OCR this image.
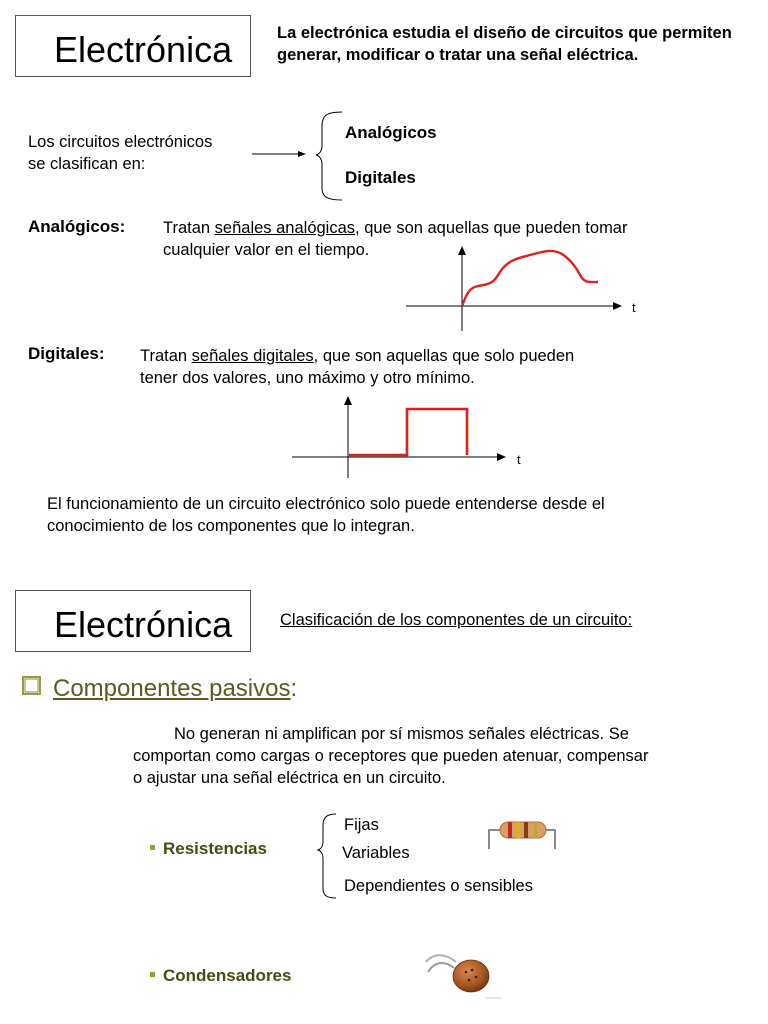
Electrónica	La electrónica estudia el diseño de circuitos que permiten generar, modificar o tratar una señal eléctrica.
Los circuitos electrónicos
se clasifican en:
Analógicos
Digitales
Analógicos: Tratan señales analógicas, que son aquellas que pueden tomar
cualquier valor en el tiempo.
t
Digitales: Tratan señales digitales, que son aquellas que solo pueden
tener dos valores, uno máximo y otro mínimo.
t
El funcionamiento de un circuito electrónico solo puede entenderse desde el
conocimiento de los componentes que lo integran.
Electrónica	Clasificación de los componentes de un circuito:
Componentes pasivos:
No generan ni amplifican por sí mismos señales eléctricas. Se
comportan como cargas o receptores que pueden atenuar, compensar
o ajustar una señal eléctrica en un circuito.
Resistencias
Fijas
Variables
Dependientes o sensibles
Condensadores
